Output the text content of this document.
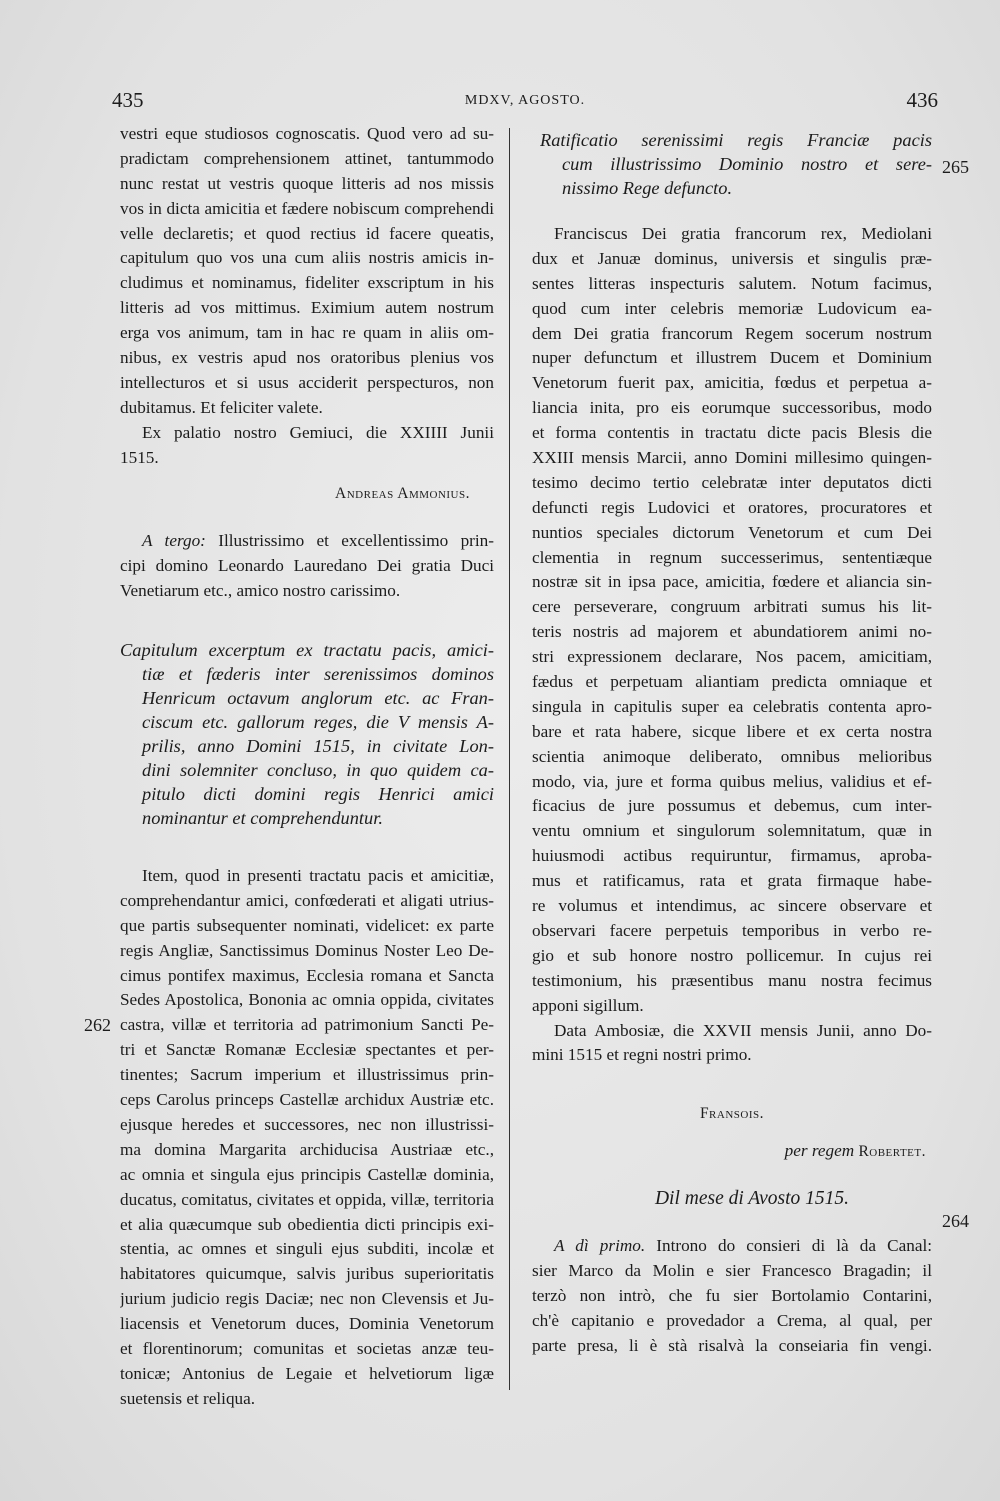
435	MDXV, AGOSTO.	436
262
265
264
vestri eque studiosos cognoscatis. Quod vero ad su-
pradictam comprehensionem attinet, tantummodo
nunc restat ut vestris quoque litteris ad nos missis
vos in dicta amicitia et fædere nobiscum comprehendi
velle declaretis; et quod rectius id facere queatis,
capitulum quo vos una cum aliis nostris amicis in-
cludimus et nominamus, fideliter exscriptum in his
litteris ad vos mittimus. Eximium autem nostrum
erga vos animum, tam in hac re quam in aliis om-
nibus, ex vestris apud nos oratoribus plenius vos
intellecturos et si usus acciderit perspecturos, non
dubitamus. Et feliciter valete.
Ex palatio nostro Gemiuci, die XXIIII Junii
1515.
Andreas Ammonius.
A tergo: Illustrissimo et excellentissimo prin-
cipi domino Leonardo Lauredano Dei gratia Duci
Venetiarum etc., amico nostro carissimo.
Capitulum excerptum ex tractatu pacis, amici-
tiæ et fæderis inter serenissimos dominos
Henricum octavum anglorum etc. ac Fran-
ciscum etc. gallorum reges, die V mensis A-
prilis, anno Domini 1515, in civitate Lon-
dini solemniter concluso, in quo quidem ca-
pitulo dicti domini regis Henrici amici
nominantur et comprehenduntur.
Item, quod in presenti tractatu pacis et amicitiæ,
comprehendantur amici, confœderati et aligati utrius-
que partis subsequenter nominati, videlicet: ex parte
regis Angliæ, Sanctissimus Dominus Noster Leo De-
cimus pontifex maximus, Ecclesia romana et Sancta
Sedes Apostolica, Bononia ac omnia oppida, civitates
castra, villæ et territoria ad patrimonium Sancti Pe-
tri et Sanctæ Romanæ Ecclesiæ spectantes et per-
tinentes; Sacrum imperium et illustrissimus prin-
ceps Carolus princeps Castellæ archidux Austriæ etc.
ejusque heredes et successores, nec non illustrissi-
ma domina Margarita archiducisa Austriaæ etc.,
ac omnia et singula ejus principis Castellæ dominia,
ducatus, comitatus, civitates et oppida, villæ, territoria
et alia quæcumque sub obedientia dicti principis exi-
stentia, ac omnes et singuli ejus subditi, incolæ et
habitatores quicumque, salvis juribus superioritatis
jurium judicio regis Daciæ; nec non Clevensis et Ju-
liacensis et Venetorum duces, Dominia Venetorum
et florentinorum; comunitas et societas anzæ teu-
tonicæ; Antonius de Legaie et helvetiorum ligæ
suetensis et reliqua.
Ratificatio serenissimi regis Franciæ pacis
cum illustrissimo Dominio nostro et sere-
nissimo Rege defuncto.
Franciscus Dei gratia francorum rex, Mediolani
dux et Januæ dominus, universis et singulis præ-
sentes litteras inspecturis salutem. Notum facimus,
quod cum inter celebris memoriæ Ludovicum ea-
dem Dei gratia francorum Regem socerum nostrum
nuper defunctum et illustrem Ducem et Dominium
Venetorum fuerit pax, amicitia, fœdus et perpetua a-
liancia inita, pro eis eorumque successoribus, modo
et forma contentis in tractatu dicte pacis Blesis die
XXIII mensis Marcii, anno Domini millesimo quingen-
tesimo decimo tertio celebratæ inter deputatos dicti
defuncti regis Ludovici et oratores, procuratores et
nuntios speciales dictorum Venetorum et cum Dei
clementia in regnum successerimus, sententiæque
nostræ sit in ipsa pace, amicitia, fœdere et aliancia sin-
cere perseverare, congruum arbitrati sumus his lit-
teris nostris ad majorem et abundatiorem animi no-
stri expressionem declarare, Nos pacem, amicitiam,
fædus et perpetuam aliantiam predicta omniaque et
singula in capitulis super ea celebratis contenta apro-
bare et rata habere, sicque libere et ex certa nostra
scientia animoque deliberato, omnibus melioribus
modo, via, jure et forma quibus melius, validius et ef-
ficacius de jure possumus et debemus, cum inter-
ventu omnium et singulorum solemnitatum, quæ in
huiusmodi actibus requiruntur, firmamus, aproba-
mus et ratificamus, rata et grata firmaque habe-
re volumus et intendimus, ac sincere observare et
observari facere perpetuis temporibus in verbo re-
gio et sub honore nostro pollicemur. In cujus rei
testimonium, his præsentibus manu nostra fecimus
apponi sigillum.
Data Ambosiæ, die XXVII mensis Junii, anno Do-
mini 1515 et regni nostri primo.
Fransois.
per regem Robertet.
Dil mese di Avosto 1515.
A dì primo. Introno do consieri di là da Canal:
sier Marco da Molin e sier Francesco Bragadin; il
terzò non intrò, che fu sier Bortolamio Contarini,
ch'è capitanio e provedador a Crema, al qual, per
parte presa, li è stà risalvà la conseiaria fin vengi.
